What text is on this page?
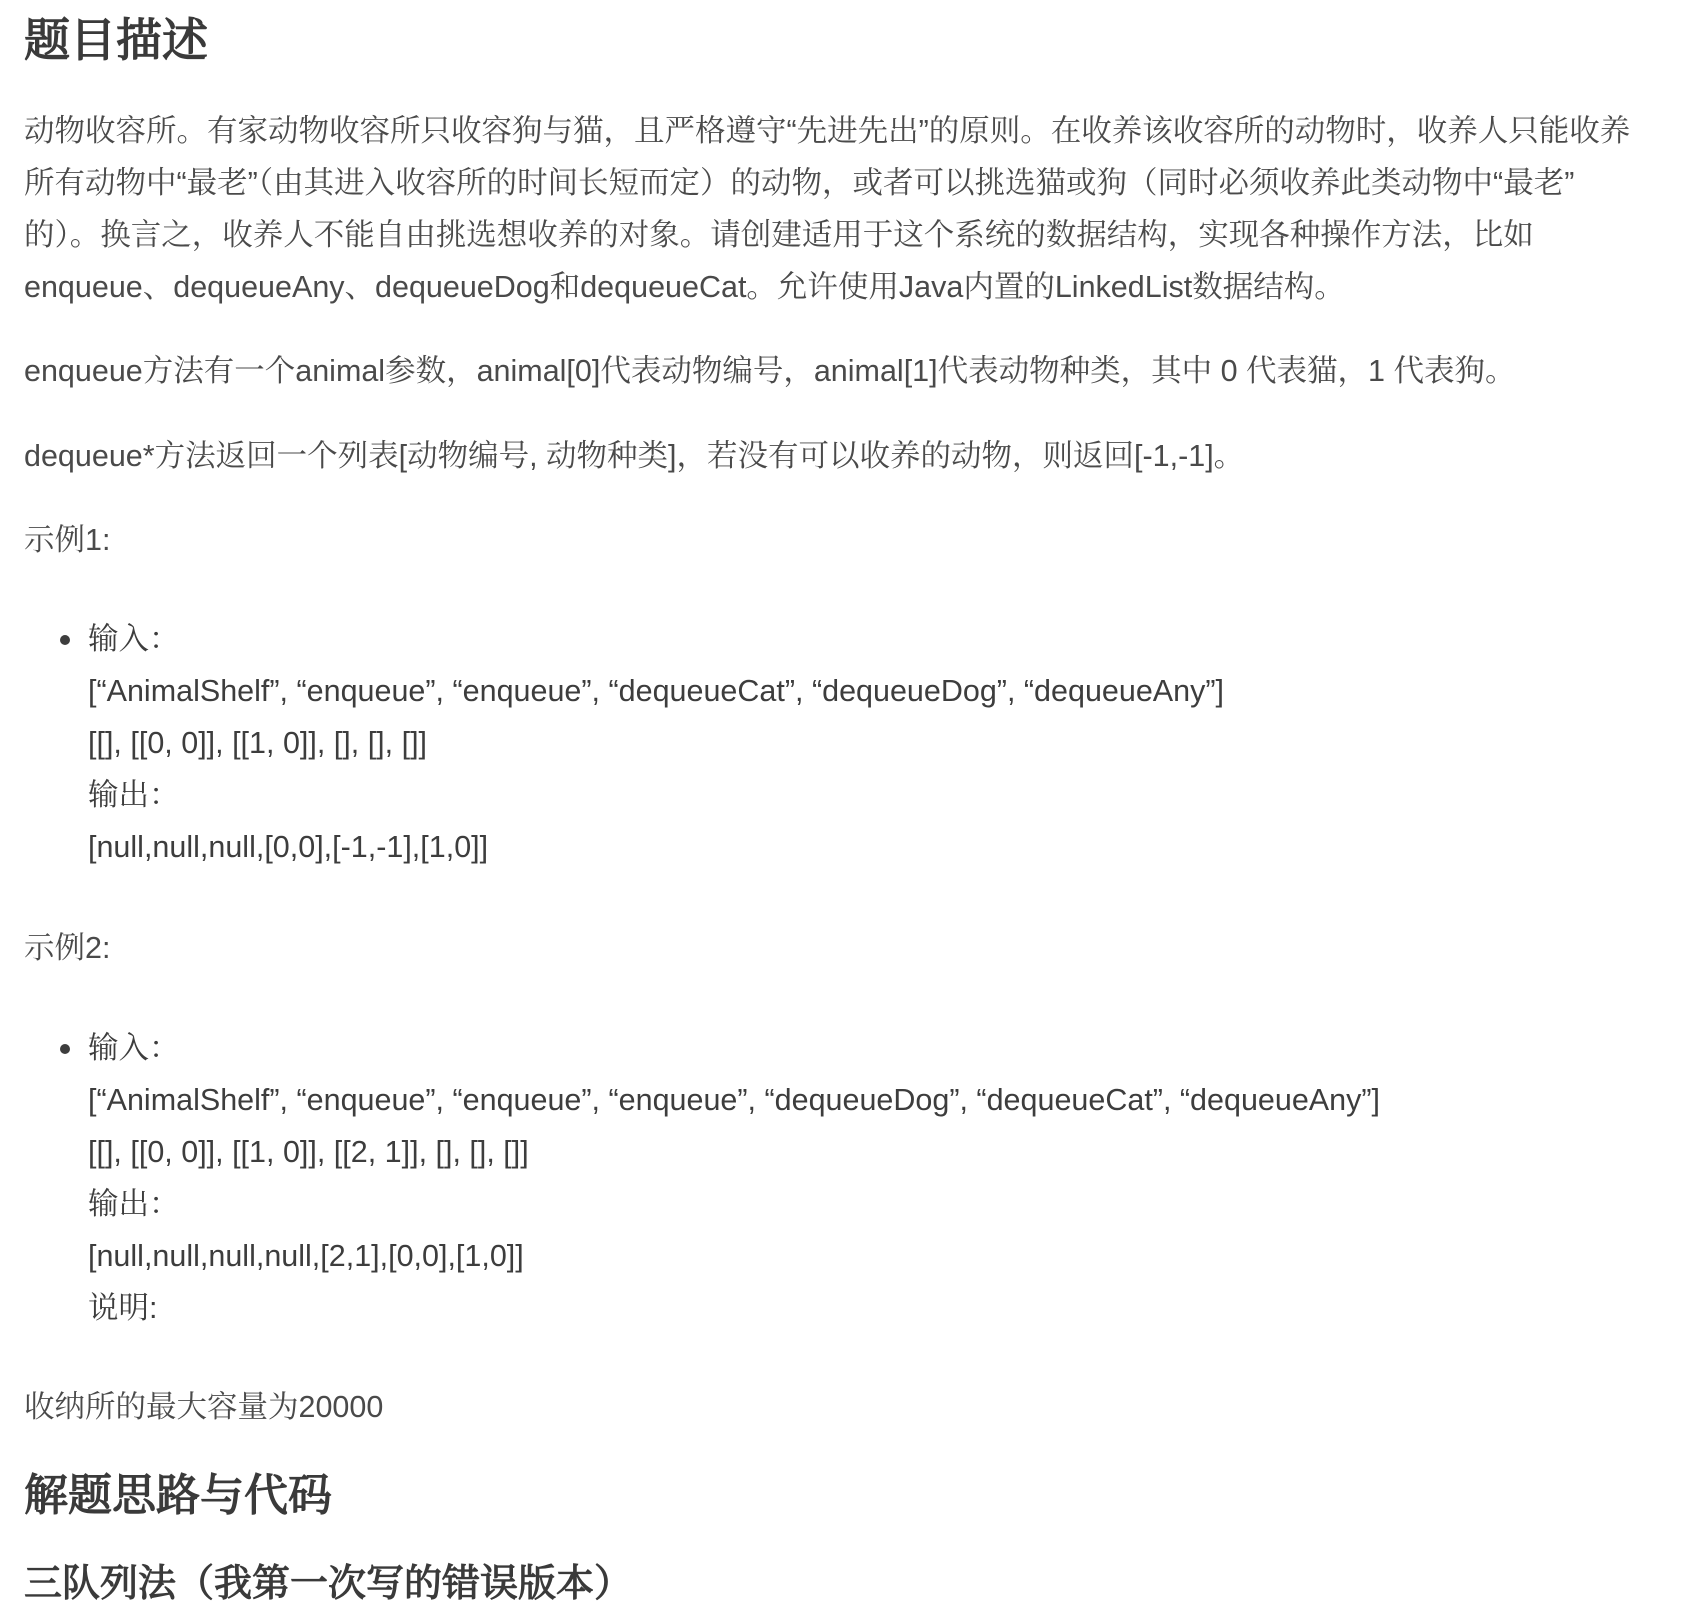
题目描述
动物收容所。有家动物收容所只收容狗与猫，且严格遵守“先进先出”的原则。在收养该收容所的动物时，收养人只能收养
所有动物中“最老”（由其进入收容所的时间长短而定）的动物，或者可以挑选猫或狗（同时必须收养此类动物中“最老”
的）。换言之，收养人不能自由挑选想收养的对象。请创建适用于这个系统的数据结构，实现各种操作方法，比如
enqueue、dequeueAny、dequeueDog和dequeueCat。允许使用Java内置的LinkedList数据结构。
enqueue方法有一个animal参数，animal[0]代表动物编号，animal[1]代表动物种类，其中 0 代表猫，1 代表狗。
dequeue*方法返回一个列表[动物编号, 动物种类]，若没有可以收养的动物，则返回[-1,-1]。
示例1:
输入：
[“AnimalShelf”, “enqueue”, “enqueue”, “dequeueCat”, “dequeueDog”, “dequeueAny”]
[[], [[0, 0]], [[1, 0]], [], [], []]
输出：
[null,null,null,[0,0],[-1,-1],[1,0]]
示例2:
输入：
[“AnimalShelf”, “enqueue”, “enqueue”, “enqueue”, “dequeueDog”, “dequeueCat”, “dequeueAny”]
[[], [[0, 0]], [[1, 0]], [[2, 1]], [], [], []]
输出：
[null,null,null,null,[2,1],[0,0],[1,0]]
说明:
收纳所的最大容量为20000
解题思路与代码
三队列法（我第一次写的错误版本）
